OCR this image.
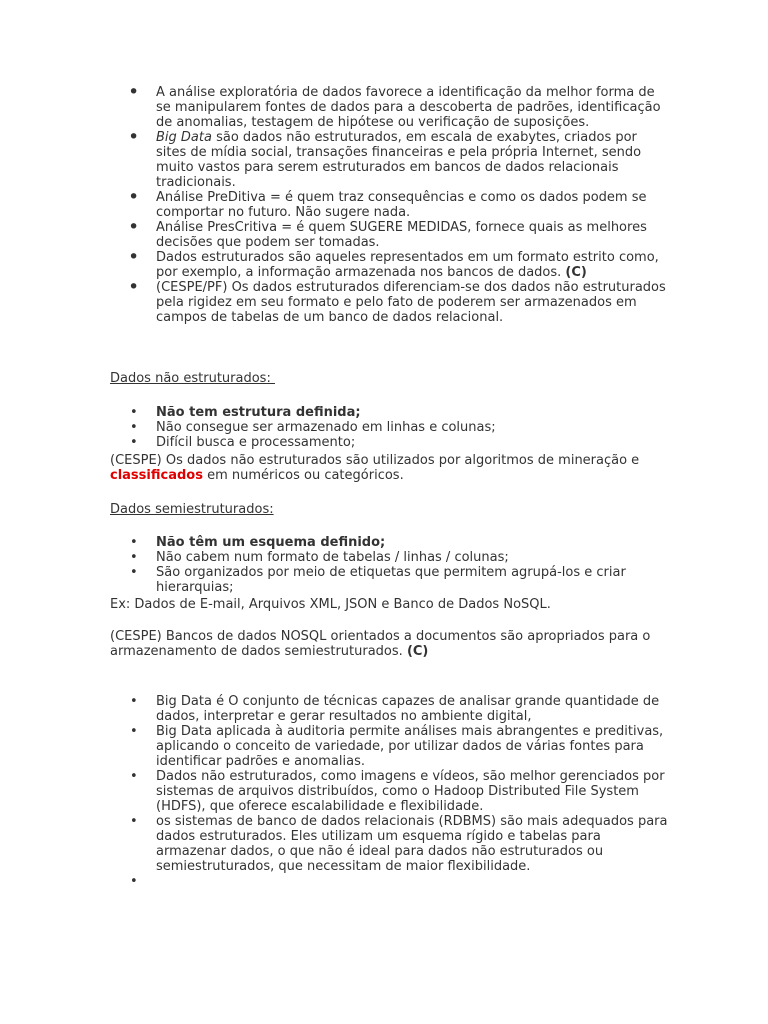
• A análise exploratória de dados favorece a identificação da melhor forma de se manipularem fontes de dados para a descoberta de padrões, identificação de anomalias, testagem de hipótese ou verificação de suposições.
• Big Data são dados não estruturados, em escala de exabytes, criados por sites de mídia social, transações financeiras e pela própria Internet, sendo muito vastos para serem estruturados em bancos de dados relacionais tradicionais.
• Análise PreDitiva = é quem traz consequências e como os dados podem se comportar no futuro. Não sugere nada.
• Análise PresCritiva = é quem SUGERE MEDIDAS, fornece quais as melhores decisões que podem ser tomadas.
• Dados estruturados são aqueles representados em um formato estrito como, por exemplo, a informação armazenada nos bancos de dados. (C)
• (CESPE/PF) Os dados estruturados diferenciam-se dos dados não estruturados pela rigidez em seu formato e pelo fato de poderem ser armazenados em campos de tabelas de um banco de dados relacional.
Dados não estruturados:
• Não tem estrutura definida;
• Não consegue ser armazenado em linhas e colunas;
• Difícil busca e processamento;
(CESPE) Os dados não estruturados são utilizados por algoritmos de mineração e classificados em numéricos ou categóricos.
Dados semiestruturados:
• Não têm um esquema definido;
• Não cabem num formato de tabelas / linhas / colunas;
• São organizados por meio de etiquetas que permitem agrupá-los e criar hierarquias;
Ex: Dados de E-mail, Arquivos XML, JSON e Banco de Dados NoSQL.
(CESPE) Bancos de dados NOSQL orientados a documentos são apropriados para o armazenamento de dados semiestruturados. (C)
• Big Data é O conjunto de técnicas capazes de analisar grande quantidade de dados, interpretar e gerar resultados no ambiente digital,
• Big Data aplicada à auditoria permite análises mais abrangentes e preditivas, aplicando o conceito de variedade, por utilizar dados de várias fontes para identificar padrões e anomalias.
• Dados não estruturados, como imagens e vídeos, são melhor gerenciados por sistemas de arquivos distribuídos, como o Hadoop Distributed File System (HDFS), que oferece escalabilidade e flexibilidade.
• os sistemas de banco de dados relacionais (RDBMS) são mais adequados para dados estruturados. Eles utilizam um esquema rígido e tabelas para armazenar dados, o que não é ideal para dados não estruturados ou semiestruturados, que necessitam de maior flexibilidade.
•
